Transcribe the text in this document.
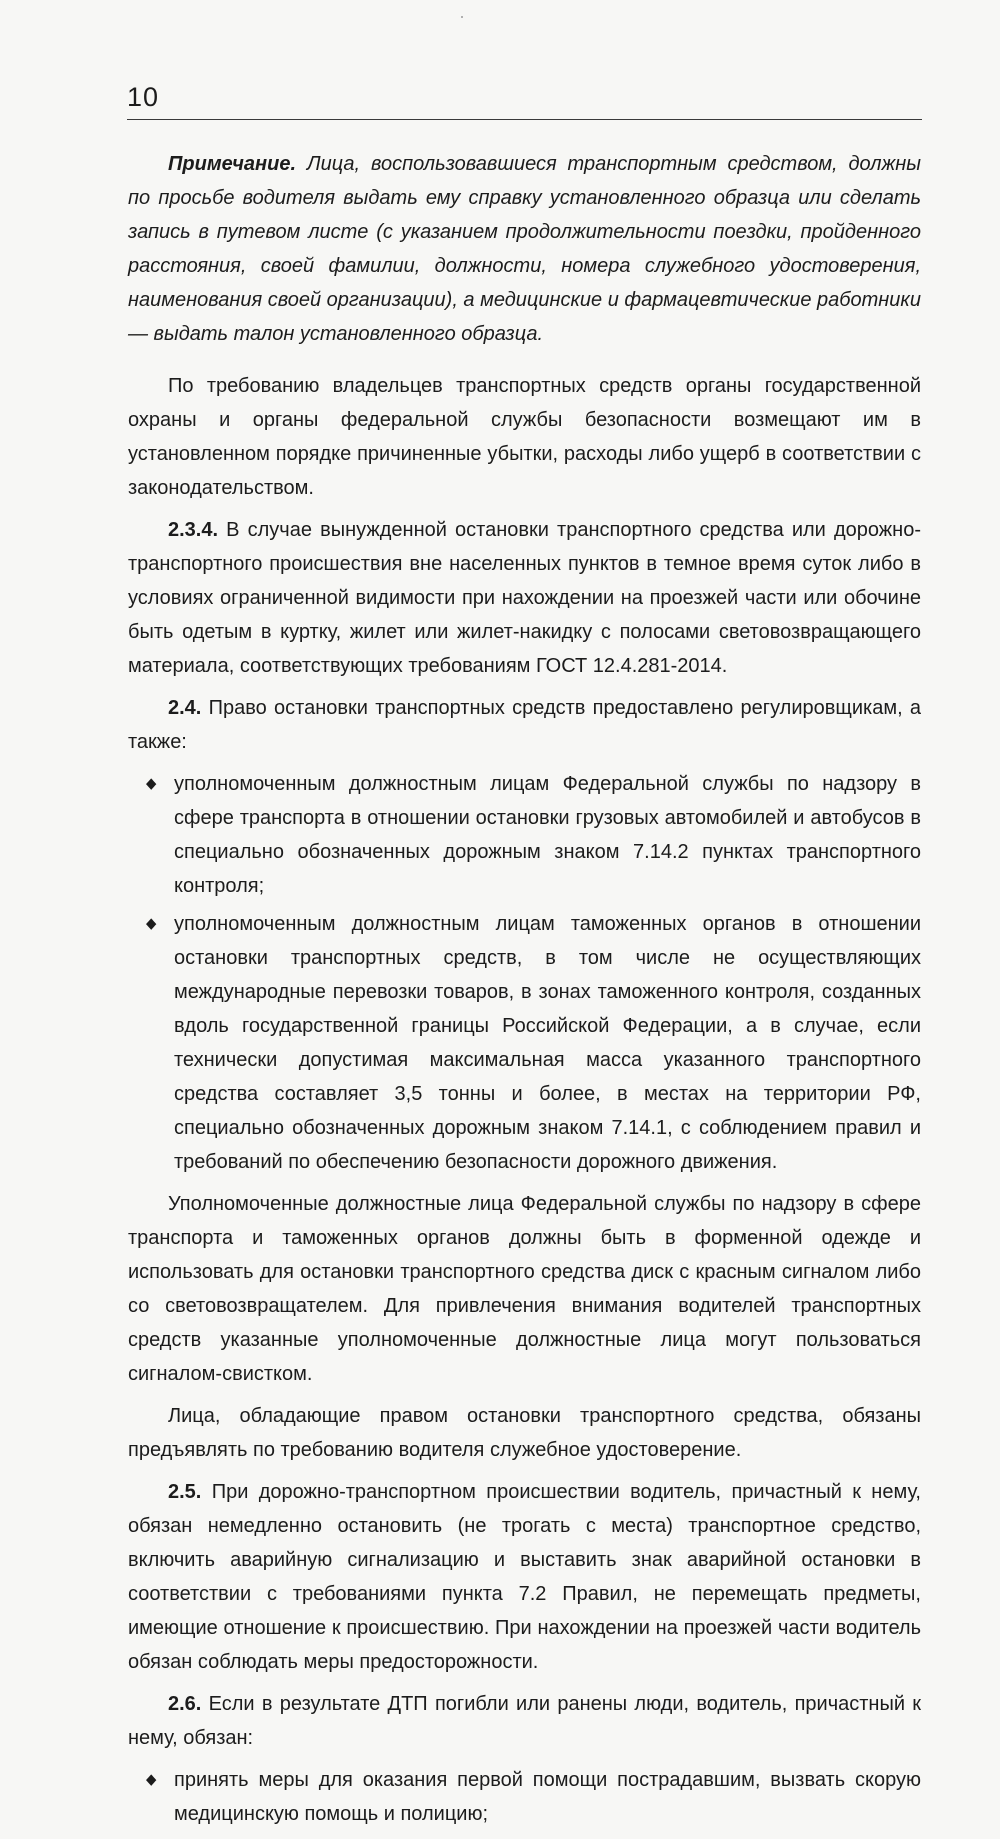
10

Примечание. Лица, воспользовавшиеся транспортным средством, должны по просьбе водителя выдать ему справку установленного образца или сделать запись в путевом листе (с указанием продолжительности поездки, пройденного расстояния, своей фамилии, должности, номера служебного удостоверения, наименования своей организации), а медицинские и фармацевтические работники — выдать талон установленного образца.

По требованию владельцев транспортных средств органы государственной охраны и органы федеральной службы безопасности возмещают им в установленном порядке причиненные убытки, расходы либо ущерб в соответствии с законодательством.

2.3.4. В случае вынужденной остановки транспортного средства или дорожно-транспортного происшествия вне населенных пунктов в темное время суток либо в условиях ограниченной видимости при нахождении на проезжей части или обочине быть одетым в куртку, жилет или жилет-накидку с полосами световозвращающего материала, соответствующих требованиям ГОСТ 12.4.281-2014.

2.4. Право остановки транспортных средств предоставлено регулировщикам, а также:

◆ уполномоченным должностным лицам Федеральной службы по надзору в сфере транспорта в отношении остановки грузовых автомобилей и автобусов в специально обозначенных дорожным знаком 7.14.2 пунктах транспортного контроля;
◆ уполномоченным должностным лицам таможенных органов в отношении остановки транспортных средств, в том числе не осуществляющих международные перевозки товаров, в зонах таможенного контроля, созданных вдоль государственной границы Российской Федерации, а в случае, если технически допустимая максимальная масса указанного транспортного средства составляет 3,5 тонны и более, в местах на территории РФ, специально обозначенных дорожным знаком 7.14.1, с соблюдением правил и требований по обеспечению безопасности дорожного движения.

Уполномоченные должностные лица Федеральной службы по надзору в сфере транспорта и таможенных органов должны быть в форменной одежде и использовать для остановки транспортного средства диск с красным сигналом либо со световозвращателем. Для привлечения внимания водителей транспортных средств указанные уполномоченные должностные лица могут пользоваться сигналом-свистком.

Лица, обладающие правом остановки транспортного средства, обязаны предъявлять по требованию водителя служебное удостоверение.

2.5. При дорожно-транспортном происшествии водитель, причастный к нему, обязан немедленно остановить (не трогать с места) транспортное средство, включить аварийную сигнализацию и выставить знак аварийной остановки в соответствии с требованиями пункта 7.2 Правил, не перемещать предметы, имеющие отношение к происшествию. При нахождении на проезжей части водитель обязан соблюдать меры предосторожности.

2.6. Если в результате ДТП погибли или ранены люди, водитель, причастный к нему, обязан:

◆ принять меры для оказания первой помощи пострадавшим, вызвать скорую медицинскую помощь и полицию;
